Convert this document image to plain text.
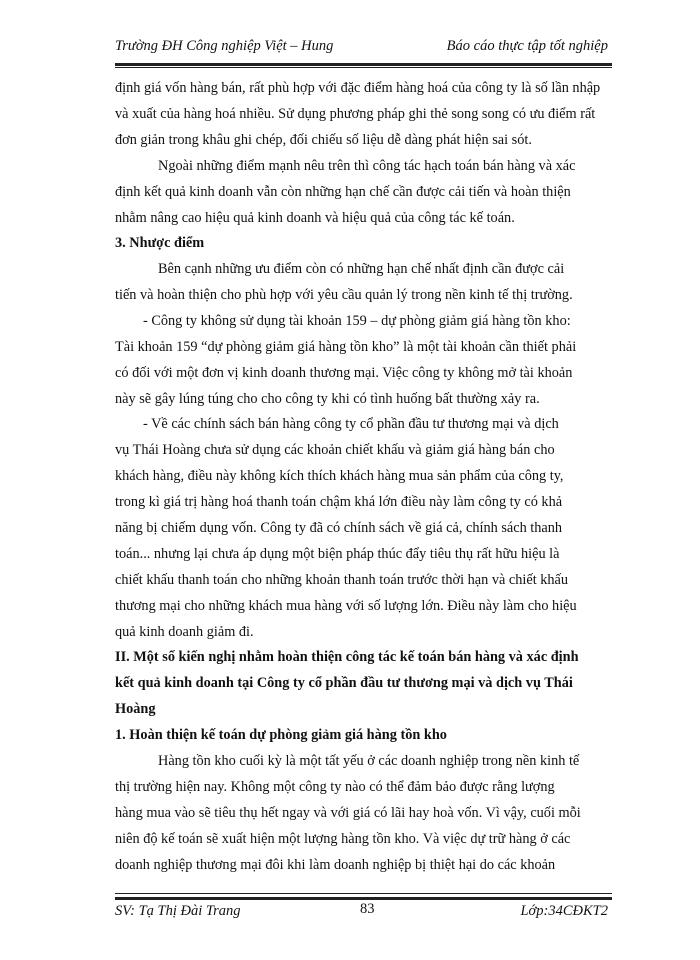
Trường ĐH Công nghiệp Việt – Hung	Báo cáo thực tập tốt nghiệp
định giá vốn hàng bán, rất phù hợp với đặc điểm hàng hoá của công ty là số lần nhập
và xuất của hàng hoá nhiều. Sử dụng phương pháp ghi thẻ song song có ưu điểm rất
đơn giản trong khâu ghi chép, đối chiếu số liệu dễ dàng phát hiện sai sót.
Ngoài những điểm mạnh nêu trên thì công tác hạch toán bán hàng và xác
định kết quả kinh doanh vẫn còn những hạn chế cần được cải tiến và hoàn thiện
nhằm nâng cao hiệu quả kinh doanh và hiệu quả của công tác kế toán.
3. Nhược điểm
Bên cạnh những ưu điểm còn có những hạn chế nhất định cần được cải
tiến và hoàn thiện cho phù hợp với yêu cầu quản lý trong nền kinh tế thị trường.
- Công ty không sử dụng tài khoản 159 – dự phòng giảm giá hàng tồn kho:
Tài khoản 159 “dự phòng giảm giá hàng tồn kho” là một tài khoản cần thiết phải
có đối với một đơn vị kinh doanh thương mại. Việc công ty không mở tài khoản
này sẽ gây lúng túng cho cho công ty khi có tình huống bất thường xảy ra.
- Về các chính sách bán hàng công ty cổ phần đầu tư thương mại và dịch
vụ Thái Hoàng chưa sử dụng các khoản chiết khấu và giảm giá hàng bán cho
khách hàng, điều này không kích thích khách hàng mua sản phẩm của công ty,
trong kì giá trị hàng hoá thanh toán chậm khá lớn điều này làm công ty có khả
năng bị chiếm dụng vốn. Công ty đã có chính sách về giá cả, chính sách thanh
toán... nhưng lại chưa áp dụng một biện pháp thúc đẩy tiêu thụ rất hữu hiệu là
chiết khấu thanh toán cho những khoản thanh toán trước thời hạn và chiết khấu
thương mại cho những khách mua hàng với số lượng lớn. Điều này làm cho hiệu
quả kinh doanh giảm đi.
II. Một số kiến nghị nhằm hoàn thiện công tác kế toán bán hàng và xác định
kết quả kinh doanh tại Công ty cổ phần đầu tư thương mại và dịch vụ Thái
Hoàng
1. Hoàn thiện kế toán dự phòng giảm giá hàng tồn kho
Hàng tồn kho cuối kỳ là một tất yếu ở các doanh nghiệp trong nền kinh tế
thị trường hiện nay. Không một công ty nào có thể đảm bảo được rằng lượng
hàng mua vào sẽ tiêu thụ hết ngay và với giá có lãi hay hoà vốn. Vì vậy, cuối mỗi
niên độ kế toán sẽ xuất hiện một lượng hàng tồn kho. Và việc dự trữ hàng ở các
doanh nghiệp thương mại đôi khi làm doanh nghiệp bị thiệt hại do các khoản
SV: Tạ Thị Đài Trang	83	Lớp:34CĐKT2
